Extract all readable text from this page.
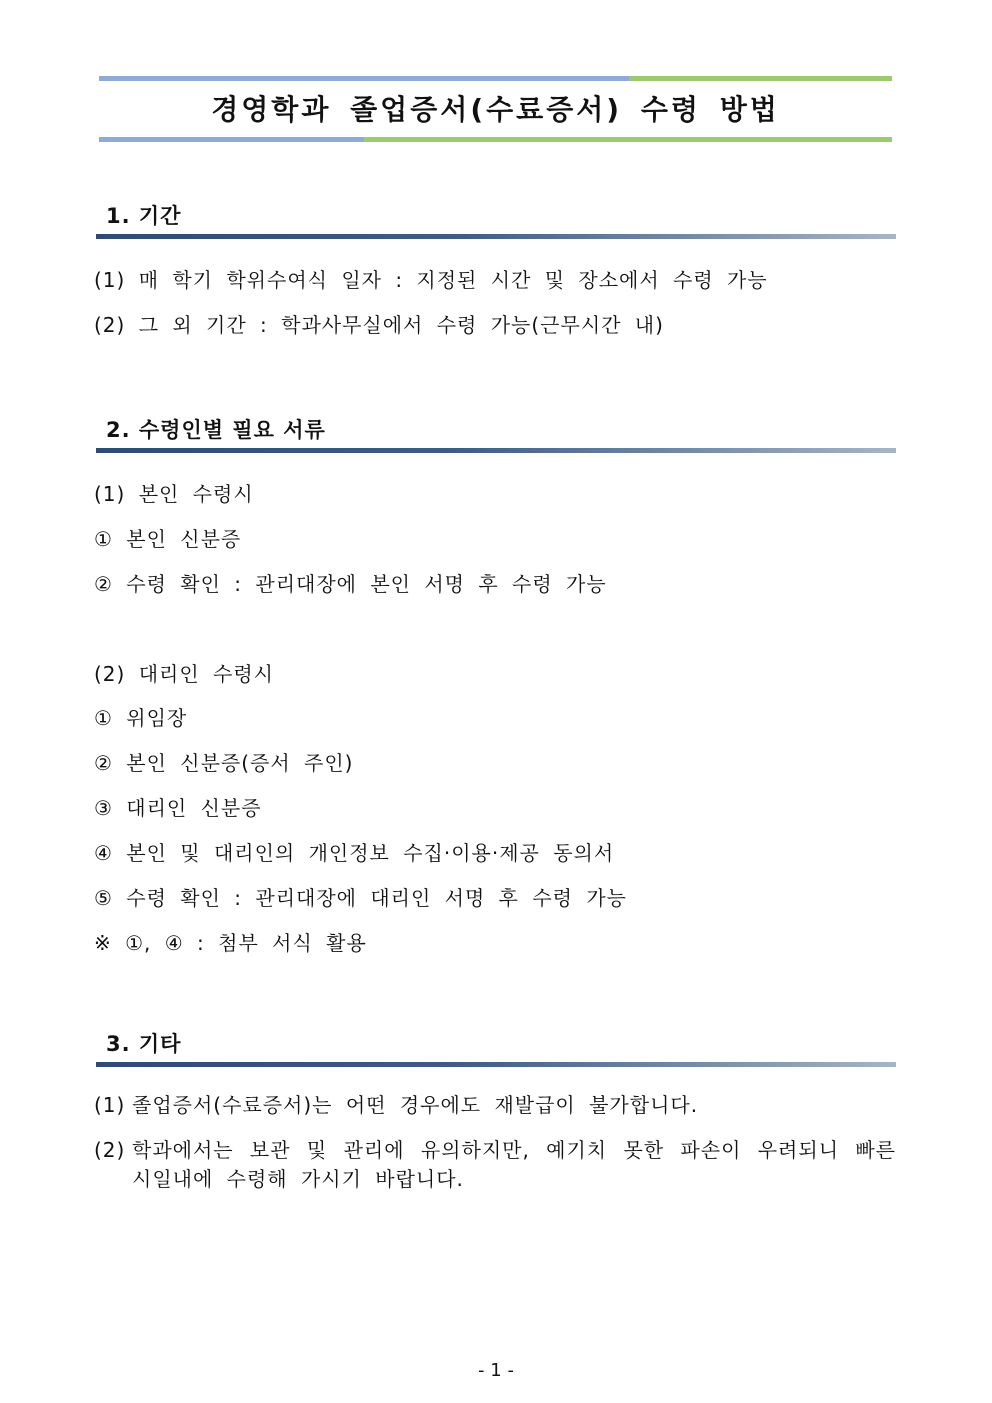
경영학과 졸업증서(수료증서) 수령 방법
1. 기간
(1) 매 학기 학위수여식 일자 : 지정된 시간 및 장소에서 수령 가능
(2) 그 외 기간 : 학과사무실에서 수령 가능(근무시간 내)
2. 수령인별 필요 서류
(1) 본인 수령시
① 본인 신분증
② 수령 확인 : 관리대장에 본인 서명 후 수령 가능
(2) 대리인 수령시
① 위임장
② 본인 신분증(증서 주인)
③ 대리인 신분증
④ 본인 및 대리인의 개인정보 수집·이용·제공 동의서
⑤ 수령 확인 : 관리대장에 대리인 서명 후 수령 가능
※ ①, ④ : 첨부 서식 활용
3. 기타
(1) 졸업증서(수료증서)는 어떤 경우에도 재발급이 불가합니다.
(2) 학과에서는 보관 및 관리에 유의하지만, 예기치 못한 파손이 우려되니 빠른 시일내에 수령해 가시기 바랍니다.
- 1 -
